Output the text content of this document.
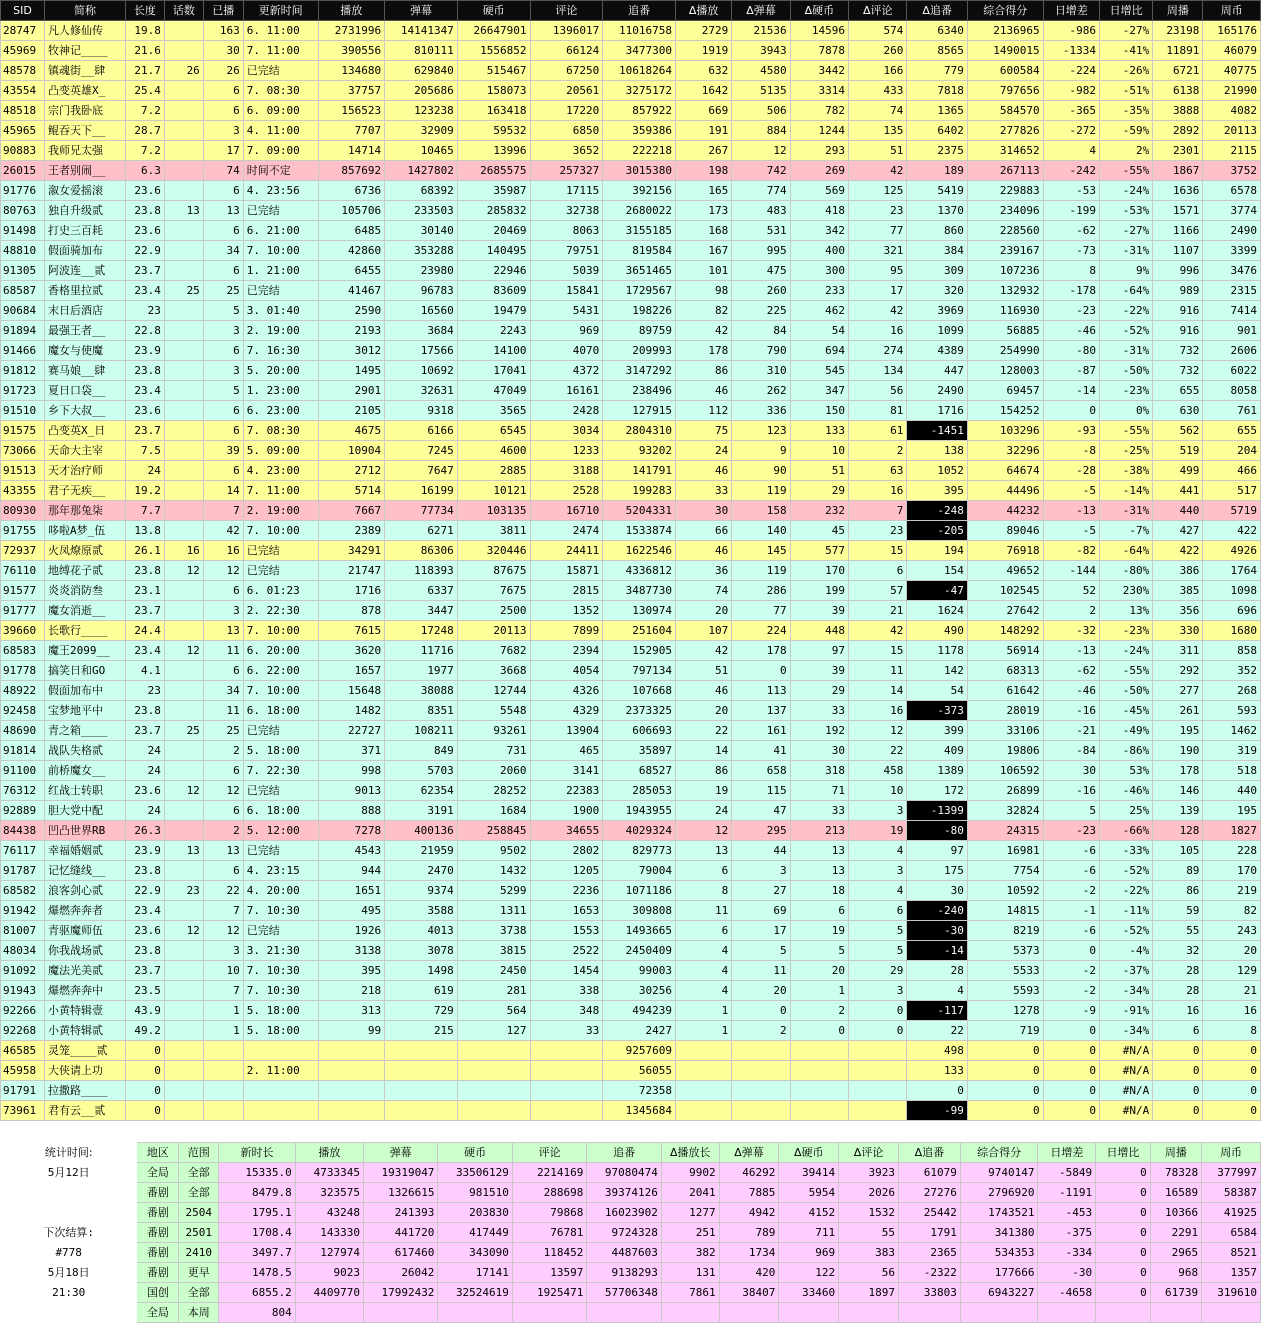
SID	简称	长度	话数	已播	更新时间	播放	弹幕	硬币	评论	追番	Δ播放	Δ弹幕	Δ硬币	Δ评论	Δ追番	综合得分	日增差	日增比	周播	周币
28747	凡人修仙传	19.8		163	6. 11:00	2731996	14141347	26647901	1396017	11016758	2729	21536	14596	574	6340	2136965	-986	-27%	23198	165176
45969	牧神记____	21.6		30	7. 11:00	390556	810111	1556852	66124	3477300	1919	3943	7878	260	8565	1490015	-1334	-41%	11891	46079
48578	镇魂街__肆	21.7	26	26	已完结	134680	629840	515467	67250	10618264	632	4580	3442	166	779	600584	-224	-26%	6721	40775
43554	凸变英雄X_	25.4		6	7. 08:30	37757	205686	158073	20561	3275172	1642	5135	3314	433	7818	797656	-982	-51%	6138	21990
48518	宗门我卧底	7.2		6	6. 09:00	156523	123238	163418	17220	857922	669	506	782	74	1365	584570	-365	-35%	3888	4082
45965	鲲吞天下__	28.7		3	4. 11:00	7707	32909	59532	6850	359386	191	884	1244	135	6402	277826	-272	-59%	2892	20113
90883	我师兄太强	7.2		17	7. 09:00	14714	10465	13996	3652	222218	267	12	293	51	2375	314652	4	2%	2301	2115
26015	王者别闹__	6.3		74	时间不定	857692	1427802	2685575	257327	3015380	198	742	269	42	189	267113	-242	-55%	1867	3752
91776	溆女爱摇滚	23.6		6	4. 23:56	6736	68392	35987	17115	392156	165	774	569	125	5419	229883	-53	-24%	1636	6578
80763	独自升级贰	23.8	13	13	已完结	105706	233503	285832	32738	2680022	173	483	418	23	1370	234096	-199	-53%	1571	3774
91498	打史三百耗	23.6		6	6. 21:00	6485	30140	20469	8063	3155185	168	531	342	77	860	228560	-62	-27%	1166	2490
48810	假面骑加布	22.9		34	7. 10:00	42860	353288	140495	79751	819584	167	995	400	321	384	239167	-73	-31%	1107	3399
91305	阿波连__贰	23.7		6	1. 21:00	6455	23980	22946	5039	3651465	101	475	300	95	309	107236	8	9%	996	3476
68587	香格里拉贰	23.4	25	25	已完结	41467	96783	83609	15841	1729567	98	260	233	17	320	132932	-178	-64%	989	2315
90684	末日后酒店	23		5	3. 01:40	2590	16560	19479	5431	198226	82	225	462	42	3969	116930	-23	-22%	916	7414
91894	最强王者__	22.8		3	2. 19:00	2193	3684	2243	969	89759	42	84	54	16	1099	56885	-46	-52%	916	901
91466	魔女与使魔	23.9		6	7. 16:30	3012	17566	14100	4070	209993	178	790	694	274	4389	254990	-80	-31%	732	2606
91812	赛马娘__肆	23.8		3	5. 20:00	1495	10692	17041	4372	3147292	86	310	545	134	447	128003	-87	-50%	732	6022
91723	夏日口袋__	23.4		5	1. 23:00	2901	32631	47049	16161	238496	46	262	347	56	2490	69457	-14	-23%	655	8058
91510	乡下大叔__	23.6		6	6. 23:00	2105	9318	3565	2428	127915	112	336	150	81	1716	154252	0	0%	630	761
91575	凸变英X_日	23.7		6	7. 08:30	4675	6166	6545	3034	2804310	75	123	133	61	-1451	103296	-93	-55%	562	655
73066	天命大主宰	7.5		39	5. 09:00	10904	7245	4600	1233	93202	24	9	10	2	138	32296	-8	-25%	519	204
91513	天才治疗师	24		6	4. 23:00	2712	7647	2885	3188	141791	46	90	51	63	1052	64674	-28	-38%	499	466
43355	君子无疾__	19.2		14	7. 11:00	5714	16199	10121	2528	199283	33	119	29	16	395	44496	-5	-14%	441	517
80930	那年那兔柒	7.7		7	2. 19:00	7667	77734	103135	16710	5204331	30	158	232	7	-248	44232	-13	-31%	440	5719
91755	哆啦A梦_伍	13.8		42	7. 10:00	2389	6271	3811	2474	1533874	66	140	45	23	-205	89046	-5	-7%	427	422
72937	火凤燎原贰	26.1	16	16	已完结	34291	86306	320446	24411	1622546	46	145	577	15	194	76918	-82	-64%	422	4926
76110	地缚花子贰	23.8	12	12	已完结	21747	118393	87675	15871	4336812	36	119	170	6	154	49652	-144	-80%	386	1764
91577	炎炎消防叁	23.1		6	6. 01:23	1716	6337	7675	2815	3487730	74	286	199	57	-47	102545	52	230%	385	1098
91777	魔女消逝__	23.7		3	2. 22:30	878	3447	2500	1352	130974	20	77	39	21	1624	27642	2	13%	356	696
39660	长歌行____	24.4		13	7. 10:00	7615	17248	20113	7899	251604	107	224	448	42	490	148292	-32	-23%	330	1680
68583	魔王2099__	23.4	12	11	6. 20:00	3620	11716	7682	2394	152905	42	178	97	15	1178	56914	-13	-24%	311	858
91778	搞笑日和GO	4.1		6	6. 22:00	1657	1977	3668	4054	797134	51	0	39	11	142	68313	-62	-55%	292	352
48922	假面加布中	23		34	7. 10:00	15648	38088	12744	4326	107668	46	113	29	14	54	61642	-46	-50%	277	268
92458	宝梦地平中	23.8		11	6. 18:00	1482	8351	5548	4329	2373325	20	137	33	16	-373	28019	-16	-45%	261	593
48690	青之箱____	23.7	25	25	已完结	22727	108211	93261	13904	606693	22	161	192	12	399	33106	-21	-49%	195	1462
91814	战队失格贰	24		2	5. 18:00	371	849	731	465	35897	14	41	30	22	409	19806	-84	-86%	190	319
91100	前桥魔女__	24		6	7. 22:30	998	5703	2060	3141	68527	86	658	318	458	1389	106592	30	53%	178	518
76312	红战士转职	23.6	12	12	已完结	9013	62354	28252	22383	285053	19	115	71	10	172	26899	-16	-46%	146	440
92889	胆大党中配	24		6	6. 18:00	888	3191	1684	1900	1943955	24	47	33	3	-1399	32824	5	25%	139	195
84438	凹凸世界RB	26.3		2	5. 12:00	7278	400136	258845	34655	4029324	12	295	213	19	-80	24315	-23	-66%	128	1827
76117	幸福婚姻贰	23.9	13	13	已完结	4543	21959	9502	2802	829773	13	44	13	4	97	16981	-6	-33%	105	228
91787	记忆缝线__	23.8		6	4. 23:15	944	2470	1432	1205	79004	6	3	13	3	175	7754	-6	-52%	89	170
68582	浪客剑心贰	22.9	23	22	4. 20:00	1651	9374	5299	2236	1071186	8	27	18	4	30	10592	-2	-22%	86	219
91942	爆燃奔奔者	23.4		7	7. 10:30	495	3588	1311	1653	309808	11	69	6	6	-240	14815	-1	-11%	59	82
81007	青驱魔师伍	23.6	12	12	已完结	1926	4013	3738	1553	1493665	6	17	19	5	-30	8219	-6	-52%	55	243
48034	你我战场贰	23.8		3	3. 21:30	3138	3078	3815	2522	2450409	4	5	5	5	-14	5373	0	-4%	32	20
91092	魔法光美贰	23.7		10	7. 10:30	395	1498	2450	1454	99003	4	11	20	29	28	5533	-2	-37%	28	129
91943	爆燃奔奔中	23.5		7	7. 10:30	218	619	281	338	30256	4	20	1	3	4	5593	-2	-34%	28	21
92266	小黄特辑壹	43.9		1	5. 18:00	313	729	564	348	494239	1	0	2	0	-117	1278	-9	-91%	16	16
92268	小黄特辑贰	49.2		1	5. 18:00	99	215	127	33	2427	1	2	0	0	22	719	0	-34%	6	8
46585	灵笼____贰	0								9257609					498	0	0	#N/A	0	0
45958	大侠请上功	0			2. 11:00					56055					133	0	0	#N/A	0	0
91791	拉撒路____	0								72358					0	0	0	#N/A	0	0
73961	君有云__贰	0								1345684					-99	0	0	#N/A	0	0
统计时间:	地区	范围	新时长	播放	弹幕	硬币	评论	追番	Δ播放长	Δ弹幕	Δ硬币	Δ评论	Δ追番	综合得分	日增差	日增比	周播	周币
5月12日	全局	全部	15335.0	4733345	19319047	33506129	2214169	97080474	9902	46292	39414	3923	61079	9740147	-5849	0	78328	377997
	番剧	全部	8479.8	323575	1326615	981510	288698	39374126	2041	7885	5954	2026	27276	2796920	-1191	0	16589	58387
	番剧	2504	1795.1	43248	241393	203830	79868	16023902	1277	4942	4152	1532	25442	1743521	-453	0	10366	41925
下次结算:	番剧	2501	1708.4	143330	441720	417449	76781	9724328	251	789	711	55	1791	341380	-375	0	2291	6584
#778	番剧	2410	3497.7	127974	617460	343090	118452	4487603	382	1734	969	383	2365	534353	-334	0	2965	8521
5月18日	番剧	更早	1478.5	9023	26042	17141	13597	9138293	131	420	122	56	-2322	177666	-30	0	968	1357
21:30	国创	全部	6855.2	4409770	17992432	32524619	1925471	57706348	7861	38407	33460	1897	33803	6943227	-4658	0	61739	319610
	全局	本周	804															
